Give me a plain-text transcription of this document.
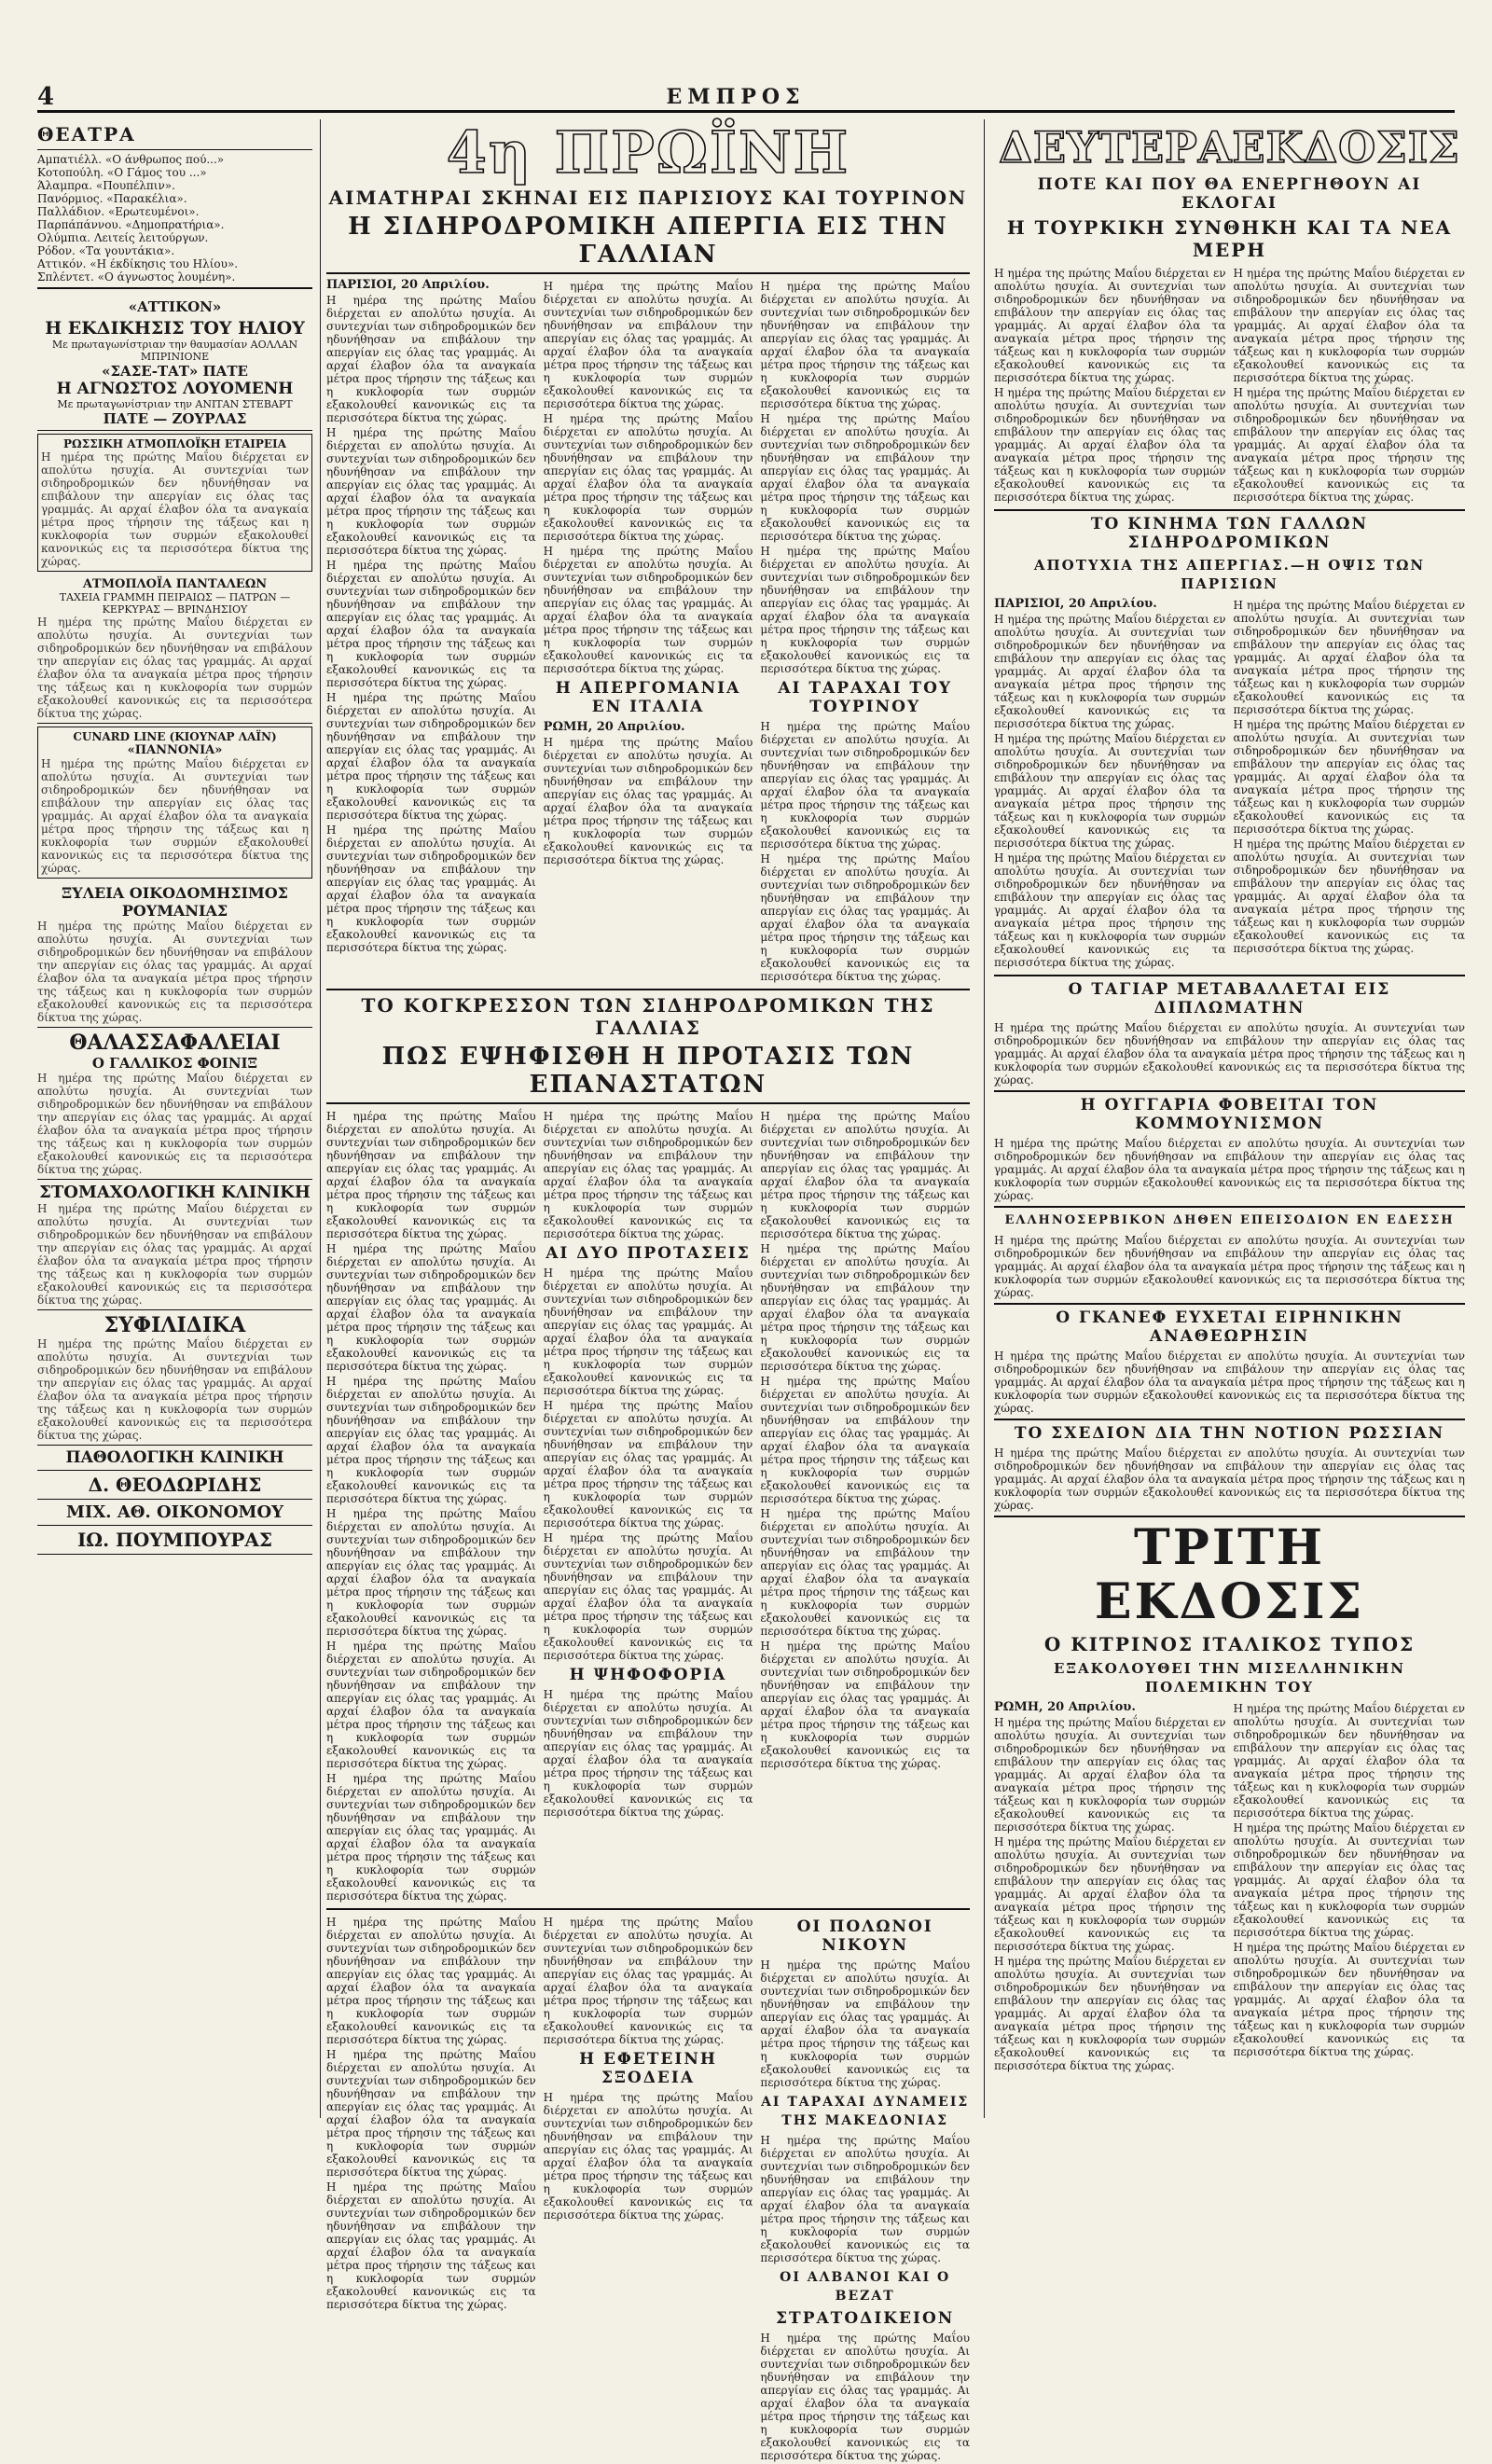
4	ΕΜΠΡΟΣ
ΘΕΑΤΡΑ
Αμπατιέλλ. «Ο άνθρωπος πού...»
Κοτοπούλη. «Ο Γάμος του ...»
Άλαμπρα. «Πουπέλπιν».
Πανόρμιος. «Παρακέλια».
Παλλάδιον. «Ερωτευμένοι».
Παρπάπάννου. «Δημοπρατήρια».
Ολύμπια. Λειτείς λειτούργων.
Ρόδον. «Τα γουντάκια».
Αττικόν. «Η έκδίκησις του Ηλίου».
Σπλέντετ. «Ο άγνωστος λουμένη».
«ΑΤΤΙΚΟΝ»
Η ΕΚΔΙΚΗΣΙΣ ΤΟΥ ΗΛΙΟΥ
Με πρωταγωνίστριαν την θαυμασίαν ΑΟΛΛΑΝ ΜΠΡΙΝΙΟΝΕ
«ΣΑΣΕ-ΤΑΤ» ΠΑΤΕ
Η ΑΓΝΩΣΤΟΣ ΛΟΥΟΜΕΝΗ
Με πρωταγωνίστριαν την ΑΝΙΤΑΝ ΣΤΕΒΑΡΤ
ΠΑΤΕ — ΖΟΥΡΛΑΣ
ΡΩΣΣΙΚΗ ΑΤΜΟΠΛΟΪΚΗ ΕΤΑΙΡΕΙΑ
Η ημέρα της πρώτης Μαΐου διέρχεται εν απολύτω ησυχία. Αι συντεχνίαι των σιδηροδρομικών δεν ηδυνήθησαν να επιβάλουν την απεργίαν εις όλας τας γραμμάς. Αι αρχαί έλαβον όλα τα αναγκαία μέτρα προς τήρησιν της τάξεως και η κυκλοφορία των συρμών εξακολουθεί κανονικώς εις τα περισσότερα δίκτυα της χώρας.
ΑΤΜΟΠΛΟΪΑ ΠΑΝΤΑΛΕΩΝ
ΤΑΧΕΙΑ ΓΡΑΜΜΗ ΠΕΙΡΑΙΩΣ — ΠΑΤΡΩΝ — ΚΕΡΚΥΡΑΣ — ΒΡΙΝΔΗΣΙΟΥ
Η ημέρα της πρώτης Μαΐου διέρχεται εν απολύτω ησυχία. Αι συντεχνίαι των σιδηροδρομικών δεν ηδυνήθησαν να επιβάλουν την απεργίαν εις όλας τας γραμμάς. Αι αρχαί έλαβον όλα τα αναγκαία μέτρα προς τήρησιν της τάξεως και η κυκλοφορία των συρμών εξακολουθεί κανονικώς εις τα περισσότερα δίκτυα της χώρας.
CUNARD LINE (ΚΙΟΥΝΑΡ ΛΑΪΝ)
«ΠΑΝΝΟΝΙΑ»
Η ημέρα της πρώτης Μαΐου διέρχεται εν απολύτω ησυχία. Αι συντεχνίαι των σιδηροδρομικών δεν ηδυνήθησαν να επιβάλουν την απεργίαν εις όλας τας γραμμάς. Αι αρχαί έλαβον όλα τα αναγκαία μέτρα προς τήρησιν της τάξεως και η κυκλοφορία των συρμών εξακολουθεί κανονικώς εις τα περισσότερα δίκτυα της χώρας.
ΞΥΛΕΙΑ ΟΙΚΟΔΟΜΗΣΙΜΟΣ ΡΟΥΜΑΝΙΑΣ
Η ημέρα της πρώτης Μαΐου διέρχεται εν απολύτω ησυχία. Αι συντεχνίαι των σιδηροδρομικών δεν ηδυνήθησαν να επιβάλουν την απεργίαν εις όλας τας γραμμάς. Αι αρχαί έλαβον όλα τα αναγκαία μέτρα προς τήρησιν της τάξεως και η κυκλοφορία των συρμών εξακολουθεί κανονικώς εις τα περισσότερα δίκτυα της χώρας.
ΘΑΛΑΣΣΑΦΑΛΕΙΑΙ
Ο ΓΑΛΛΙΚΟΣ ΦΟΙΝΙΞ
Η ημέρα της πρώτης Μαΐου διέρχεται εν απολύτω ησυχία. Αι συντεχνίαι των σιδηροδρομικών δεν ηδυνήθησαν να επιβάλουν την απεργίαν εις όλας τας γραμμάς. Αι αρχαί έλαβον όλα τα αναγκαία μέτρα προς τήρησιν της τάξεως και η κυκλοφορία των συρμών εξακολουθεί κανονικώς εις τα περισσότερα δίκτυα της χώρας.
ΣΤΟΜΑΧΟΛΟΓΙΚΗ ΚΛΙΝΙΚΗ
Η ημέρα της πρώτης Μαΐου διέρχεται εν απολύτω ησυχία. Αι συντεχνίαι των σιδηροδρομικών δεν ηδυνήθησαν να επιβάλουν την απεργίαν εις όλας τας γραμμάς. Αι αρχαί έλαβον όλα τα αναγκαία μέτρα προς τήρησιν της τάξεως και η κυκλοφορία των συρμών εξακολουθεί κανονικώς εις τα περισσότερα δίκτυα της χώρας.
ΣΥΦΙΛΙΔΙΚΑ
Η ημέρα της πρώτης Μαΐου διέρχεται εν απολύτω ησυχία. Αι συντεχνίαι των σιδηροδρομικών δεν ηδυνήθησαν να επιβάλουν την απεργίαν εις όλας τας γραμμάς. Αι αρχαί έλαβον όλα τα αναγκαία μέτρα προς τήρησιν της τάξεως και η κυκλοφορία των συρμών εξακολουθεί κανονικώς εις τα περισσότερα δίκτυα της χώρας.
ΠΑΘΟΛΟΓΙΚΗ ΚΛΙΝΙΚΗ
Δ. ΘΕΟΔΩΡΙΔΗΣ
ΜΙΧ. ΑΘ. ΟΙΚΟΝΟΜΟΥ
ΙΩ. ΠΟΥΜΠΟΥΡΑΣ
4η ΠΡΩΪΝΗ
ΑΙΜΑΤΗΡΑΙ ΣΚΗΝΑΙ ΕΙΣ ΠΑΡΙΣΙΟΥΣ ΚΑΙ ΤΟΥΡΙΝΟΝ
Η ΣΙΔΗΡΟΔΡΟΜΙΚΗ ΑΠΕΡΓΙΑ ΕΙΣ ΤΗΝ ΓΑΛΛΙΑΝ
ΠΑΡΙΣΙΟΙ, 20 Απριλίου.
Η ημέρα της πρώτης Μαΐου διέρχεται εν απολύτω ησυχία. Αι συντεχνίαι των σιδηροδρομικών δεν ηδυνήθησαν να επιβάλουν την απεργίαν εις όλας τας γραμμάς. Αι αρχαί έλαβον όλα τα αναγκαία μέτρα προς τήρησιν της τάξεως και η κυκλοφορία των συρμών εξακολουθεί κανονικώς εις τα περισσότερα δίκτυα της χώρας.
Η ημέρα της πρώτης Μαΐου διέρχεται εν απολύτω ησυχία. Αι συντεχνίαι των σιδηροδρομικών δεν ηδυνήθησαν να επιβάλουν την απεργίαν εις όλας τας γραμμάς. Αι αρχαί έλαβον όλα τα αναγκαία μέτρα προς τήρησιν της τάξεως και η κυκλοφορία των συρμών εξακολουθεί κανονικώς εις τα περισσότερα δίκτυα της χώρας.
Η ημέρα της πρώτης Μαΐου διέρχεται εν απολύτω ησυχία. Αι συντεχνίαι των σιδηροδρομικών δεν ηδυνήθησαν να επιβάλουν την απεργίαν εις όλας τας γραμμάς. Αι αρχαί έλαβον όλα τα αναγκαία μέτρα προς τήρησιν της τάξεως και η κυκλοφορία των συρμών εξακολουθεί κανονικώς εις τα περισσότερα δίκτυα της χώρας.
Η ημέρα της πρώτης Μαΐου διέρχεται εν απολύτω ησυχία. Αι συντεχνίαι των σιδηροδρομικών δεν ηδυνήθησαν να επιβάλουν την απεργίαν εις όλας τας γραμμάς. Αι αρχαί έλαβον όλα τα αναγκαία μέτρα προς τήρησιν της τάξεως και η κυκλοφορία των συρμών εξακολουθεί κανονικώς εις τα περισσότερα δίκτυα της χώρας.
Η ημέρα της πρώτης Μαΐου διέρχεται εν απολύτω ησυχία. Αι συντεχνίαι των σιδηροδρομικών δεν ηδυνήθησαν να επιβάλουν την απεργίαν εις όλας τας γραμμάς. Αι αρχαί έλαβον όλα τα αναγκαία μέτρα προς τήρησιν της τάξεως και η κυκλοφορία των συρμών εξακολουθεί κανονικώς εις τα περισσότερα δίκτυα της χώρας.
Η ημέρα της πρώτης Μαΐου διέρχεται εν απολύτω ησυχία. Αι συντεχνίαι των σιδηροδρομικών δεν ηδυνήθησαν να επιβάλουν την απεργίαν εις όλας τας γραμμάς. Αι αρχαί έλαβον όλα τα αναγκαία μέτρα προς τήρησιν της τάξεως και η κυκλοφορία των συρμών εξακολουθεί κανονικώς εις τα περισσότερα δίκτυα της χώρας.
Η ημέρα της πρώτης Μαΐου διέρχεται εν απολύτω ησυχία. Αι συντεχνίαι των σιδηροδρομικών δεν ηδυνήθησαν να επιβάλουν την απεργίαν εις όλας τας γραμμάς. Αι αρχαί έλαβον όλα τα αναγκαία μέτρα προς τήρησιν της τάξεως και η κυκλοφορία των συρμών εξακολουθεί κανονικώς εις τα περισσότερα δίκτυα της χώρας.
Η ημέρα της πρώτης Μαΐου διέρχεται εν απολύτω ησυχία. Αι συντεχνίαι των σιδηροδρομικών δεν ηδυνήθησαν να επιβάλουν την απεργίαν εις όλας τας γραμμάς. Αι αρχαί έλαβον όλα τα αναγκαία μέτρα προς τήρησιν της τάξεως και η κυκλοφορία των συρμών εξακολουθεί κανονικώς εις τα περισσότερα δίκτυα της χώρας.
Η ΑΠΕΡΓΟΜΑΝΙΑ ΕΝ ΙΤΑΛΙΑ
ΡΩΜΗ, 20 Απριλίου.
Η ημέρα της πρώτης Μαΐου διέρχεται εν απολύτω ησυχία. Αι συντεχνίαι των σιδηροδρομικών δεν ηδυνήθησαν να επιβάλουν την απεργίαν εις όλας τας γραμμάς. Αι αρχαί έλαβον όλα τα αναγκαία μέτρα προς τήρησιν της τάξεως και η κυκλοφορία των συρμών εξακολουθεί κανονικώς εις τα περισσότερα δίκτυα της χώρας.
Η ημέρα της πρώτης Μαΐου διέρχεται εν απολύτω ησυχία. Αι συντεχνίαι των σιδηροδρομικών δεν ηδυνήθησαν να επιβάλουν την απεργίαν εις όλας τας γραμμάς. Αι αρχαί έλαβον όλα τα αναγκαία μέτρα προς τήρησιν της τάξεως και η κυκλοφορία των συρμών εξακολουθεί κανονικώς εις τα περισσότερα δίκτυα της χώρας.
Η ημέρα της πρώτης Μαΐου διέρχεται εν απολύτω ησυχία. Αι συντεχνίαι των σιδηροδρομικών δεν ηδυνήθησαν να επιβάλουν την απεργίαν εις όλας τας γραμμάς. Αι αρχαί έλαβον όλα τα αναγκαία μέτρα προς τήρησιν της τάξεως και η κυκλοφορία των συρμών εξακολουθεί κανονικώς εις τα περισσότερα δίκτυα της χώρας.
Η ημέρα της πρώτης Μαΐου διέρχεται εν απολύτω ησυχία. Αι συντεχνίαι των σιδηροδρομικών δεν ηδυνήθησαν να επιβάλουν την απεργίαν εις όλας τας γραμμάς. Αι αρχαί έλαβον όλα τα αναγκαία μέτρα προς τήρησιν της τάξεως και η κυκλοφορία των συρμών εξακολουθεί κανονικώς εις τα περισσότερα δίκτυα της χώρας.
ΑΙ ΤΑΡΑΧΑΙ ΤΟΥ ΤΟΥΡΙΝΟΥ
Η ημέρα της πρώτης Μαΐου διέρχεται εν απολύτω ησυχία. Αι συντεχνίαι των σιδηροδρομικών δεν ηδυνήθησαν να επιβάλουν την απεργίαν εις όλας τας γραμμάς. Αι αρχαί έλαβον όλα τα αναγκαία μέτρα προς τήρησιν της τάξεως και η κυκλοφορία των συρμών εξακολουθεί κανονικώς εις τα περισσότερα δίκτυα της χώρας.
Η ημέρα της πρώτης Μαΐου διέρχεται εν απολύτω ησυχία. Αι συντεχνίαι των σιδηροδρομικών δεν ηδυνήθησαν να επιβάλουν την απεργίαν εις όλας τας γραμμάς. Αι αρχαί έλαβον όλα τα αναγκαία μέτρα προς τήρησιν της τάξεως και η κυκλοφορία των συρμών εξακολουθεί κανονικώς εις τα περισσότερα δίκτυα της χώρας.
ΤΟ ΚΟΓΚΡΕΣΣΟΝ ΤΩΝ ΣΙΔΗΡΟΔΡΟΜΙΚΩΝ ΤΗΣ ΓΑΛΛΙΑΣ
ΠΩΣ ΕΨΗΦΙΣΘΗ Η ΠΡΟΤΑΣΙΣ ΤΩΝ ΕΠΑΝΑΣΤΑΤΩΝ
Η ημέρα της πρώτης Μαΐου διέρχεται εν απολύτω ησυχία. Αι συντεχνίαι των σιδηροδρομικών δεν ηδυνήθησαν να επιβάλουν την απεργίαν εις όλας τας γραμμάς. Αι αρχαί έλαβον όλα τα αναγκαία μέτρα προς τήρησιν της τάξεως και η κυκλοφορία των συρμών εξακολουθεί κανονικώς εις τα περισσότερα δίκτυα της χώρας.
Η ημέρα της πρώτης Μαΐου διέρχεται εν απολύτω ησυχία. Αι συντεχνίαι των σιδηροδρομικών δεν ηδυνήθησαν να επιβάλουν την απεργίαν εις όλας τας γραμμάς. Αι αρχαί έλαβον όλα τα αναγκαία μέτρα προς τήρησιν της τάξεως και η κυκλοφορία των συρμών εξακολουθεί κανονικώς εις τα περισσότερα δίκτυα της χώρας.
Η ημέρα της πρώτης Μαΐου διέρχεται εν απολύτω ησυχία. Αι συντεχνίαι των σιδηροδρομικών δεν ηδυνήθησαν να επιβάλουν την απεργίαν εις όλας τας γραμμάς. Αι αρχαί έλαβον όλα τα αναγκαία μέτρα προς τήρησιν της τάξεως και η κυκλοφορία των συρμών εξακολουθεί κανονικώς εις τα περισσότερα δίκτυα της χώρας.
Η ημέρα της πρώτης Μαΐου διέρχεται εν απολύτω ησυχία. Αι συντεχνίαι των σιδηροδρομικών δεν ηδυνήθησαν να επιβάλουν την απεργίαν εις όλας τας γραμμάς. Αι αρχαί έλαβον όλα τα αναγκαία μέτρα προς τήρησιν της τάξεως και η κυκλοφορία των συρμών εξακολουθεί κανονικώς εις τα περισσότερα δίκτυα της χώρας.
Η ημέρα της πρώτης Μαΐου διέρχεται εν απολύτω ησυχία. Αι συντεχνίαι των σιδηροδρομικών δεν ηδυνήθησαν να επιβάλουν την απεργίαν εις όλας τας γραμμάς. Αι αρχαί έλαβον όλα τα αναγκαία μέτρα προς τήρησιν της τάξεως και η κυκλοφορία των συρμών εξακολουθεί κανονικώς εις τα περισσότερα δίκτυα της χώρας.
Η ημέρα της πρώτης Μαΐου διέρχεται εν απολύτω ησυχία. Αι συντεχνίαι των σιδηροδρομικών δεν ηδυνήθησαν να επιβάλουν την απεργίαν εις όλας τας γραμμάς. Αι αρχαί έλαβον όλα τα αναγκαία μέτρα προς τήρησιν της τάξεως και η κυκλοφορία των συρμών εξακολουθεί κανονικώς εις τα περισσότερα δίκτυα της χώρας.
Η ημέρα της πρώτης Μαΐου διέρχεται εν απολύτω ησυχία. Αι συντεχνίαι των σιδηροδρομικών δεν ηδυνήθησαν να επιβάλουν την απεργίαν εις όλας τας γραμμάς. Αι αρχαί έλαβον όλα τα αναγκαία μέτρα προς τήρησιν της τάξεως και η κυκλοφορία των συρμών εξακολουθεί κανονικώς εις τα περισσότερα δίκτυα της χώρας.
ΑΙ ΔΥΟ ΠΡΟΤΑΣΕΙΣ
Η ημέρα της πρώτης Μαΐου διέρχεται εν απολύτω ησυχία. Αι συντεχνίαι των σιδηροδρομικών δεν ηδυνήθησαν να επιβάλουν την απεργίαν εις όλας τας γραμμάς. Αι αρχαί έλαβον όλα τα αναγκαία μέτρα προς τήρησιν της τάξεως και η κυκλοφορία των συρμών εξακολουθεί κανονικώς εις τα περισσότερα δίκτυα της χώρας.
Η ημέρα της πρώτης Μαΐου διέρχεται εν απολύτω ησυχία. Αι συντεχνίαι των σιδηροδρομικών δεν ηδυνήθησαν να επιβάλουν την απεργίαν εις όλας τας γραμμάς. Αι αρχαί έλαβον όλα τα αναγκαία μέτρα προς τήρησιν της τάξεως και η κυκλοφορία των συρμών εξακολουθεί κανονικώς εις τα περισσότερα δίκτυα της χώρας.
Η ημέρα της πρώτης Μαΐου διέρχεται εν απολύτω ησυχία. Αι συντεχνίαι των σιδηροδρομικών δεν ηδυνήθησαν να επιβάλουν την απεργίαν εις όλας τας γραμμάς. Αι αρχαί έλαβον όλα τα αναγκαία μέτρα προς τήρησιν της τάξεως και η κυκλοφορία των συρμών εξακολουθεί κανονικώς εις τα περισσότερα δίκτυα της χώρας.
Η ΨΗΦΟΦΟΡΙΑ
Η ημέρα της πρώτης Μαΐου διέρχεται εν απολύτω ησυχία. Αι συντεχνίαι των σιδηροδρομικών δεν ηδυνήθησαν να επιβάλουν την απεργίαν εις όλας τας γραμμάς. Αι αρχαί έλαβον όλα τα αναγκαία μέτρα προς τήρησιν της τάξεως και η κυκλοφορία των συρμών εξακολουθεί κανονικώς εις τα περισσότερα δίκτυα της χώρας.
Η ημέρα της πρώτης Μαΐου διέρχεται εν απολύτω ησυχία. Αι συντεχνίαι των σιδηροδρομικών δεν ηδυνήθησαν να επιβάλουν την απεργίαν εις όλας τας γραμμάς. Αι αρχαί έλαβον όλα τα αναγκαία μέτρα προς τήρησιν της τάξεως και η κυκλοφορία των συρμών εξακολουθεί κανονικώς εις τα περισσότερα δίκτυα της χώρας.
Η ημέρα της πρώτης Μαΐου διέρχεται εν απολύτω ησυχία. Αι συντεχνίαι των σιδηροδρομικών δεν ηδυνήθησαν να επιβάλουν την απεργίαν εις όλας τας γραμμάς. Αι αρχαί έλαβον όλα τα αναγκαία μέτρα προς τήρησιν της τάξεως και η κυκλοφορία των συρμών εξακολουθεί κανονικώς εις τα περισσότερα δίκτυα της χώρας.
Η ημέρα της πρώτης Μαΐου διέρχεται εν απολύτω ησυχία. Αι συντεχνίαι των σιδηροδρομικών δεν ηδυνήθησαν να επιβάλουν την απεργίαν εις όλας τας γραμμάς. Αι αρχαί έλαβον όλα τα αναγκαία μέτρα προς τήρησιν της τάξεως και η κυκλοφορία των συρμών εξακολουθεί κανονικώς εις τα περισσότερα δίκτυα της χώρας.
Η ημέρα της πρώτης Μαΐου διέρχεται εν απολύτω ησυχία. Αι συντεχνίαι των σιδηροδρομικών δεν ηδυνήθησαν να επιβάλουν την απεργίαν εις όλας τας γραμμάς. Αι αρχαί έλαβον όλα τα αναγκαία μέτρα προς τήρησιν της τάξεως και η κυκλοφορία των συρμών εξακολουθεί κανονικώς εις τα περισσότερα δίκτυα της χώρας.
Η ημέρα της πρώτης Μαΐου διέρχεται εν απολύτω ησυχία. Αι συντεχνίαι των σιδηροδρομικών δεν ηδυνήθησαν να επιβάλουν την απεργίαν εις όλας τας γραμμάς. Αι αρχαί έλαβον όλα τα αναγκαία μέτρα προς τήρησιν της τάξεως και η κυκλοφορία των συρμών εξακολουθεί κανονικώς εις τα περισσότερα δίκτυα της χώρας.
Η ημέρα της πρώτης Μαΐου διέρχεται εν απολύτω ησυχία. Αι συντεχνίαι των σιδηροδρομικών δεν ηδυνήθησαν να επιβάλουν την απεργίαν εις όλας τας γραμμάς. Αι αρχαί έλαβον όλα τα αναγκαία μέτρα προς τήρησιν της τάξεως και η κυκλοφορία των συρμών εξακολουθεί κανονικώς εις τα περισσότερα δίκτυα της χώρας.
Η ημέρα της πρώτης Μαΐου διέρχεται εν απολύτω ησυχία. Αι συντεχνίαι των σιδηροδρομικών δεν ηδυνήθησαν να επιβάλουν την απεργίαν εις όλας τας γραμμάς. Αι αρχαί έλαβον όλα τα αναγκαία μέτρα προς τήρησιν της τάξεως και η κυκλοφορία των συρμών εξακολουθεί κανονικώς εις τα περισσότερα δίκτυα της χώρας.
Η ημέρα της πρώτης Μαΐου διέρχεται εν απολύτω ησυχία. Αι συντεχνίαι των σιδηροδρομικών δεν ηδυνήθησαν να επιβάλουν την απεργίαν εις όλας τας γραμμάς. Αι αρχαί έλαβον όλα τα αναγκαία μέτρα προς τήρησιν της τάξεως και η κυκλοφορία των συρμών εξακολουθεί κανονικώς εις τα περισσότερα δίκτυα της χώρας.
Η ημέρα της πρώτης Μαΐου διέρχεται εν απολύτω ησυχία. Αι συντεχνίαι των σιδηροδρομικών δεν ηδυνήθησαν να επιβάλουν την απεργίαν εις όλας τας γραμμάς. Αι αρχαί έλαβον όλα τα αναγκαία μέτρα προς τήρησιν της τάξεως και η κυκλοφορία των συρμών εξακολουθεί κανονικώς εις τα περισσότερα δίκτυα της χώρας.
Η ΕΦΕΤΕΙΝΗ ΣΞΟΔΕΙΑ
Η ημέρα της πρώτης Μαΐου διέρχεται εν απολύτω ησυχία. Αι συντεχνίαι των σιδηροδρομικών δεν ηδυνήθησαν να επιβάλουν την απεργίαν εις όλας τας γραμμάς. Αι αρχαί έλαβον όλα τα αναγκαία μέτρα προς τήρησιν της τάξεως και η κυκλοφορία των συρμών εξακολουθεί κανονικώς εις τα περισσότερα δίκτυα της χώρας.
ΟΙ ΠΟΛΩΝΟΙ ΝΙΚΟΥΝ
Η ημέρα της πρώτης Μαΐου διέρχεται εν απολύτω ησυχία. Αι συντεχνίαι των σιδηροδρομικών δεν ηδυνήθησαν να επιβάλουν την απεργίαν εις όλας τας γραμμάς. Αι αρχαί έλαβον όλα τα αναγκαία μέτρα προς τήρησιν της τάξεως και η κυκλοφορία των συρμών εξακολουθεί κανονικώς εις τα περισσότερα δίκτυα της χώρας.
ΑΙ ΤΑΡΑΧΑΙ ΔΥΝΑΜΕΙΣ ΤΗΣ ΜΑΚΕΔΟΝΙΑΣ
Η ημέρα της πρώτης Μαΐου διέρχεται εν απολύτω ησυχία. Αι συντεχνίαι των σιδηροδρομικών δεν ηδυνήθησαν να επιβάλουν την απεργίαν εις όλας τας γραμμάς. Αι αρχαί έλαβον όλα τα αναγκαία μέτρα προς τήρησιν της τάξεως και η κυκλοφορία των συρμών εξακολουθεί κανονικώς εις τα περισσότερα δίκτυα της χώρας.
ΟΙ ΑΛΒΑΝΟΙ ΚΑΙ Ο ΒΕΖΑΤ
ΣΤΡΑΤΟΔΙΚΕΙΟΝ
Η ημέρα της πρώτης Μαΐου διέρχεται εν απολύτω ησυχία. Αι συντεχνίαι των σιδηροδρομικών δεν ηδυνήθησαν να επιβάλουν την απεργίαν εις όλας τας γραμμάς. Αι αρχαί έλαβον όλα τα αναγκαία μέτρα προς τήρησιν της τάξεως και η κυκλοφορία των συρμών εξακολουθεί κανονικώς εις τα περισσότερα δίκτυα της χώρας.
ΔΕΥΤΕΡΑΕΚΔΟΣΙΣ
ΠΟΤΕ ΚΑΙ ΠΟΥ ΘΑ ΕΝΕΡΓΗΘΟΥΝ ΑΙ ΕΚΛΟΓΑΙ
Η ΤΟΥΡΚΙΚΗ ΣΥΝΘΗΚΗ ΚΑΙ ΤΑ ΝΕΑ ΜΕΡΗ
Η ημέρα της πρώτης Μαΐου διέρχεται εν απολύτω ησυχία. Αι συντεχνίαι των σιδηροδρομικών δεν ηδυνήθησαν να επιβάλουν την απεργίαν εις όλας τας γραμμάς. Αι αρχαί έλαβον όλα τα αναγκαία μέτρα προς τήρησιν της τάξεως και η κυκλοφορία των συρμών εξακολουθεί κανονικώς εις τα περισσότερα δίκτυα της χώρας.
Η ημέρα της πρώτης Μαΐου διέρχεται εν απολύτω ησυχία. Αι συντεχνίαι των σιδηροδρομικών δεν ηδυνήθησαν να επιβάλουν την απεργίαν εις όλας τας γραμμάς. Αι αρχαί έλαβον όλα τα αναγκαία μέτρα προς τήρησιν της τάξεως και η κυκλοφορία των συρμών εξακολουθεί κανονικώς εις τα περισσότερα δίκτυα της χώρας.
Η ημέρα της πρώτης Μαΐου διέρχεται εν απολύτω ησυχία. Αι συντεχνίαι των σιδηροδρομικών δεν ηδυνήθησαν να επιβάλουν την απεργίαν εις όλας τας γραμμάς. Αι αρχαί έλαβον όλα τα αναγκαία μέτρα προς τήρησιν της τάξεως και η κυκλοφορία των συρμών εξακολουθεί κανονικώς εις τα περισσότερα δίκτυα της χώρας.
Η ημέρα της πρώτης Μαΐου διέρχεται εν απολύτω ησυχία. Αι συντεχνίαι των σιδηροδρομικών δεν ηδυνήθησαν να επιβάλουν την απεργίαν εις όλας τας γραμμάς. Αι αρχαί έλαβον όλα τα αναγκαία μέτρα προς τήρησιν της τάξεως και η κυκλοφορία των συρμών εξακολουθεί κανονικώς εις τα περισσότερα δίκτυα της χώρας.
ΤΟ ΚΙΝΗΜΑ ΤΩΝ ΓΑΛΛΩΝ ΣΙΔΗΡΟΔΡΟΜΙΚΩΝ
ΑΠΟΤΥΧΙΑ ΤΗΣ ΑΠΕΡΓΙΑΣ.—Η ΟΨΙΣ ΤΩΝ ΠΑΡΙΣΙΩΝ
ΠΑΡΙΣΙΟΙ, 20 Απριλίου.
Η ημέρα της πρώτης Μαΐου διέρχεται εν απολύτω ησυχία. Αι συντεχνίαι των σιδηροδρομικών δεν ηδυνήθησαν να επιβάλουν την απεργίαν εις όλας τας γραμμάς. Αι αρχαί έλαβον όλα τα αναγκαία μέτρα προς τήρησιν της τάξεως και η κυκλοφορία των συρμών εξακολουθεί κανονικώς εις τα περισσότερα δίκτυα της χώρας.
Η ημέρα της πρώτης Μαΐου διέρχεται εν απολύτω ησυχία. Αι συντεχνίαι των σιδηροδρομικών δεν ηδυνήθησαν να επιβάλουν την απεργίαν εις όλας τας γραμμάς. Αι αρχαί έλαβον όλα τα αναγκαία μέτρα προς τήρησιν της τάξεως και η κυκλοφορία των συρμών εξακολουθεί κανονικώς εις τα περισσότερα δίκτυα της χώρας.
Η ημέρα της πρώτης Μαΐου διέρχεται εν απολύτω ησυχία. Αι συντεχνίαι των σιδηροδρομικών δεν ηδυνήθησαν να επιβάλουν την απεργίαν εις όλας τας γραμμάς. Αι αρχαί έλαβον όλα τα αναγκαία μέτρα προς τήρησιν της τάξεως και η κυκλοφορία των συρμών εξακολουθεί κανονικώς εις τα περισσότερα δίκτυα της χώρας.
Η ημέρα της πρώτης Μαΐου διέρχεται εν απολύτω ησυχία. Αι συντεχνίαι των σιδηροδρομικών δεν ηδυνήθησαν να επιβάλουν την απεργίαν εις όλας τας γραμμάς. Αι αρχαί έλαβον όλα τα αναγκαία μέτρα προς τήρησιν της τάξεως και η κυκλοφορία των συρμών εξακολουθεί κανονικώς εις τα περισσότερα δίκτυα της χώρας.
Η ημέρα της πρώτης Μαΐου διέρχεται εν απολύτω ησυχία. Αι συντεχνίαι των σιδηροδρομικών δεν ηδυνήθησαν να επιβάλουν την απεργίαν εις όλας τας γραμμάς. Αι αρχαί έλαβον όλα τα αναγκαία μέτρα προς τήρησιν της τάξεως και η κυκλοφορία των συρμών εξακολουθεί κανονικώς εις τα περισσότερα δίκτυα της χώρας.
Η ημέρα της πρώτης Μαΐου διέρχεται εν απολύτω ησυχία. Αι συντεχνίαι των σιδηροδρομικών δεν ηδυνήθησαν να επιβάλουν την απεργίαν εις όλας τας γραμμάς. Αι αρχαί έλαβον όλα τα αναγκαία μέτρα προς τήρησιν της τάξεως και η κυκλοφορία των συρμών εξακολουθεί κανονικώς εις τα περισσότερα δίκτυα της χώρας.
Ο ΤΑΓΙΑΡ ΜΕΤΑΒΑΛΛΕΤΑΙ ΕΙΣ ΔΙΠΛΩΜΑΤΗΝ
Η ημέρα της πρώτης Μαΐου διέρχεται εν απολύτω ησυχία. Αι συντεχνίαι των σιδηροδρομικών δεν ηδυνήθησαν να επιβάλουν την απεργίαν εις όλας τας γραμμάς. Αι αρχαί έλαβον όλα τα αναγκαία μέτρα προς τήρησιν της τάξεως και η κυκλοφορία των συρμών εξακολουθεί κανονικώς εις τα περισσότερα δίκτυα της χώρας.
Η ΟΥΓΓΑΡΙΑ ΦΟΒΕΙΤΑΙ ΤΟΝ ΚΟΜΜΟΥΝΙΣΜΟΝ
Η ημέρα της πρώτης Μαΐου διέρχεται εν απολύτω ησυχία. Αι συντεχνίαι των σιδηροδρομικών δεν ηδυνήθησαν να επιβάλουν την απεργίαν εις όλας τας γραμμάς. Αι αρχαί έλαβον όλα τα αναγκαία μέτρα προς τήρησιν της τάξεως και η κυκλοφορία των συρμών εξακολουθεί κανονικώς εις τα περισσότερα δίκτυα της χώρας.
ΕΛΛΗΝΟΣΕΡΒΙΚΟΝ ΔΗΘΕΝ ΕΠΕΙΣΟΔΙΟΝ ΕΝ ΕΔΕΣΣΗ
Η ημέρα της πρώτης Μαΐου διέρχεται εν απολύτω ησυχία. Αι συντεχνίαι των σιδηροδρομικών δεν ηδυνήθησαν να επιβάλουν την απεργίαν εις όλας τας γραμμάς. Αι αρχαί έλαβον όλα τα αναγκαία μέτρα προς τήρησιν της τάξεως και η κυκλοφορία των συρμών εξακολουθεί κανονικώς εις τα περισσότερα δίκτυα της χώρας.
Ο ΓΚΑΝΕΦ ΕΥΧΕΤΑΙ ΕΙΡΗΝΙΚΗΝ ΑΝΑΘΕΩΡΗΣΙΝ
Η ημέρα της πρώτης Μαΐου διέρχεται εν απολύτω ησυχία. Αι συντεχνίαι των σιδηροδρομικών δεν ηδυνήθησαν να επιβάλουν την απεργίαν εις όλας τας γραμμάς. Αι αρχαί έλαβον όλα τα αναγκαία μέτρα προς τήρησιν της τάξεως και η κυκλοφορία των συρμών εξακολουθεί κανονικώς εις τα περισσότερα δίκτυα της χώρας.
ΤΟ ΣΧΕΔΙΟΝ ΔΙΑ ΤΗΝ ΝΟΤΙΟΝ ΡΩΣΣΙΑΝ
Η ημέρα της πρώτης Μαΐου διέρχεται εν απολύτω ησυχία. Αι συντεχνίαι των σιδηροδρομικών δεν ηδυνήθησαν να επιβάλουν την απεργίαν εις όλας τας γραμμάς. Αι αρχαί έλαβον όλα τα αναγκαία μέτρα προς τήρησιν της τάξεως και η κυκλοφορία των συρμών εξακολουθεί κανονικώς εις τα περισσότερα δίκτυα της χώρας.
ΤΡΙΤΗ ΕΚΔΟΣΙΣ
Ο ΚΙΤΡΙΝΟΣ ΙΤΑΛΙΚΟΣ ΤΥΠΟΣ
ΕΞΑΚΟΛΟΥΘΕΙ ΤΗΝ ΜΙΣΕΛΛΗΝΙΚΗΝ ΠΟΛΕΜΙΚΗΝ ΤΟΥ
ΡΩΜΗ, 20 Απριλίου.
Η ημέρα της πρώτης Μαΐου διέρχεται εν απολύτω ησυχία. Αι συντεχνίαι των σιδηροδρομικών δεν ηδυνήθησαν να επιβάλουν την απεργίαν εις όλας τας γραμμάς. Αι αρχαί έλαβον όλα τα αναγκαία μέτρα προς τήρησιν της τάξεως και η κυκλοφορία των συρμών εξακολουθεί κανονικώς εις τα περισσότερα δίκτυα της χώρας.
Η ημέρα της πρώτης Μαΐου διέρχεται εν απολύτω ησυχία. Αι συντεχνίαι των σιδηροδρομικών δεν ηδυνήθησαν να επιβάλουν την απεργίαν εις όλας τας γραμμάς. Αι αρχαί έλαβον όλα τα αναγκαία μέτρα προς τήρησιν της τάξεως και η κυκλοφορία των συρμών εξακολουθεί κανονικώς εις τα περισσότερα δίκτυα της χώρας.
Η ημέρα της πρώτης Μαΐου διέρχεται εν απολύτω ησυχία. Αι συντεχνίαι των σιδηροδρομικών δεν ηδυνήθησαν να επιβάλουν την απεργίαν εις όλας τας γραμμάς. Αι αρχαί έλαβον όλα τα αναγκαία μέτρα προς τήρησιν της τάξεως και η κυκλοφορία των συρμών εξακολουθεί κανονικώς εις τα περισσότερα δίκτυα της χώρας.
Η ημέρα της πρώτης Μαΐου διέρχεται εν απολύτω ησυχία. Αι συντεχνίαι των σιδηροδρομικών δεν ηδυνήθησαν να επιβάλουν την απεργίαν εις όλας τας γραμμάς. Αι αρχαί έλαβον όλα τα αναγκαία μέτρα προς τήρησιν της τάξεως και η κυκλοφορία των συρμών εξακολουθεί κανονικώς εις τα περισσότερα δίκτυα της χώρας.
Η ημέρα της πρώτης Μαΐου διέρχεται εν απολύτω ησυχία. Αι συντεχνίαι των σιδηροδρομικών δεν ηδυνήθησαν να επιβάλουν την απεργίαν εις όλας τας γραμμάς. Αι αρχαί έλαβον όλα τα αναγκαία μέτρα προς τήρησιν της τάξεως και η κυκλοφορία των συρμών εξακολουθεί κανονικώς εις τα περισσότερα δίκτυα της χώρας.
Η ημέρα της πρώτης Μαΐου διέρχεται εν απολύτω ησυχία. Αι συντεχνίαι των σιδηροδρομικών δεν ηδυνήθησαν να επιβάλουν την απεργίαν εις όλας τας γραμμάς. Αι αρχαί έλαβον όλα τα αναγκαία μέτρα προς τήρησιν της τάξεως και η κυκλοφορία των συρμών εξακολουθεί κανονικώς εις τα περισσότερα δίκτυα της χώρας.
